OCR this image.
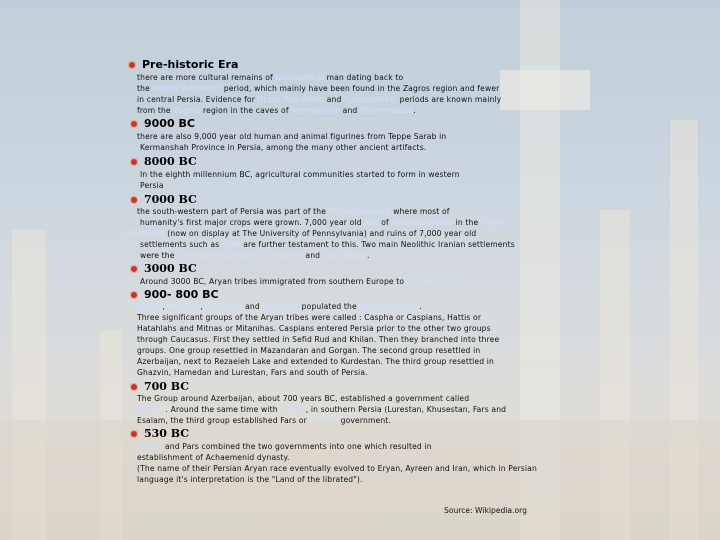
Pre-historic Era
there are more cultural remains of Neanderthal man dating back to
the Middle Paleolithic period, which mainly have been found in the Zagros region and fewer
in central Persia. Evidence for Upper Paleolithic and Epipaleolithic periods are known mainly
from the Zagros region in the caves of Kermanshah and Khorramabad.
9000 BC
there are also 9,000 year old human and animal figurines from Teppe Sarab in
Kermanshah Province in Persia, among the many other ancient artifacts.
8000 BC
In the eighth millennium BC, agricultural communities started to form in western
Persia
7000 BC
the south-western part of Persia was part of the Fertile Crescent where most of
humanity's first major crops were grown. 7,000 year old jars of wine excavated in the Zagros
Mountains (now on display at The University of Pennsylvania) and ruins of 7,000 year old
settlements such as Sialk are further testament to this. Two main Neolithic Iranian settlements
were the Zayandeh Rud River Civilization and Ganj Dareh.
3000 BC
Around 3000 BC, Aryan tribes immigrated from southern Europe to Persian plateau
900- 800 BC
Medes, Persians, Bactrians and Parthians populated the Iranian plateau.
Three significant groups of the Aryan tribes were called : Caspha or Caspians, Hattis or
Hatahlahs and Mitnas or Mitanihas. Caspians entered Persia prior to the other two groups
through Caucasus. First they settled in Sefid Rud and Khilan. Then they branched into three
groups. One group resettled in Mazandaran and Gorgan. The second group resettled in
Azerbaijan, next to Rezaeieh Lake and extended to Kurdestan. The third group resettled in
Ghazvin, Hamedan and Lurestan, Fars and south of Persia.
700 BC
The Group around Azerbaijan, about 700 years BC, established a government called
Median. Around the same time with Medes, in southern Persia (Lurestan, Khusestan, Fars and
Esalam, the third group established Fars or Parsian government.
530 BC
Medes and Pars combined the two governments into one which resulted in
establishment of Achaemenid dynasty.
(The name of their Persian Aryan race eventually evolved to Eryan, Ayreen and Iran, which in Persian
language it's interpretation is the "Land of the librated").
Source: Wikipedia.org
